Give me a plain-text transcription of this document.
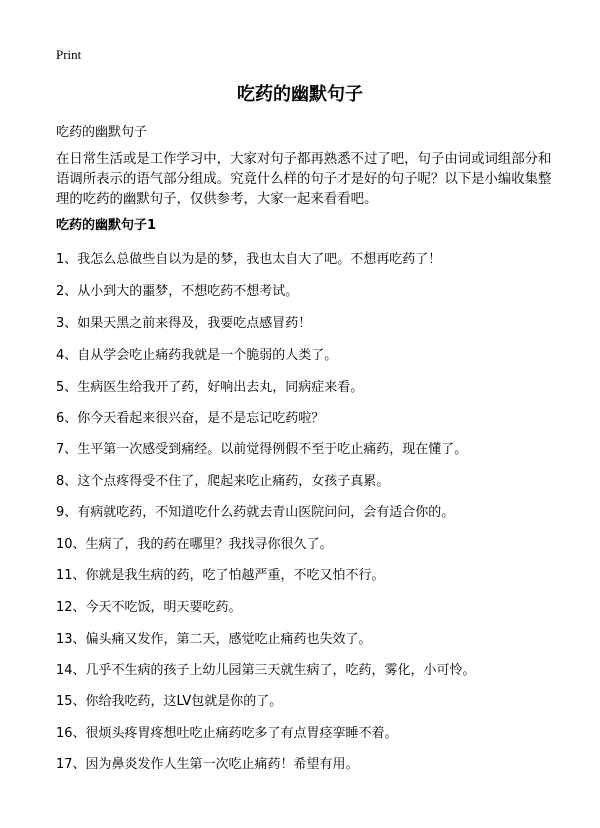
Print
吃药的幽默句子
吃药的幽默句子
在日常生活或是工作学习中，大家对句子都再熟悉不过了吧，句子由词或词组部分和语调所表示的语气部分组成。究竟什么样的句子才是好的句子呢？以下是小编收集整理的吃药的幽默句子，仅供参考，大家一起来看看吧。
吃药的幽默句子1
1、我怎么总做些自以为是的梦，我也太自大了吧。不想再吃药了！
2、从小到大的噩梦，不想吃药不想考试。
3、如果天黑之前来得及，我要吃点感冒药！
4、自从学会吃止痛药我就是一个脆弱的人类了。
5、生病医生给我开了药，好响出去丸，同病症来看。
6、你今天看起来很兴奋，是不是忘记吃药啦？
7、生平第一次感受到痛经。以前觉得例假不至于吃止痛药，现在懂了。
8、这个点疼得受不住了，爬起来吃止痛药，女孩子真累。
9、有病就吃药，不知道吃什么药就去青山医院问问，会有适合你的。
10、生病了，我的药在哪里？我找寻你很久了。
11、你就是我生病的药，吃了怕越严重，不吃又怕不行。
12、今天不吃饭，明天要吃药。
13、偏头痛又发作，第二天，感觉吃止痛药也失效了。
14、几乎不生病的孩子上幼儿园第三天就生病了，吃药，雾化，小可怜。
15、你给我吃药，这LV包就是你的了。
16、很烦头疼胃疼想吐吃止痛药吃多了有点胃痉挛睡不着。
17、因为鼻炎发作人生第一次吃止痛药！希望有用。
